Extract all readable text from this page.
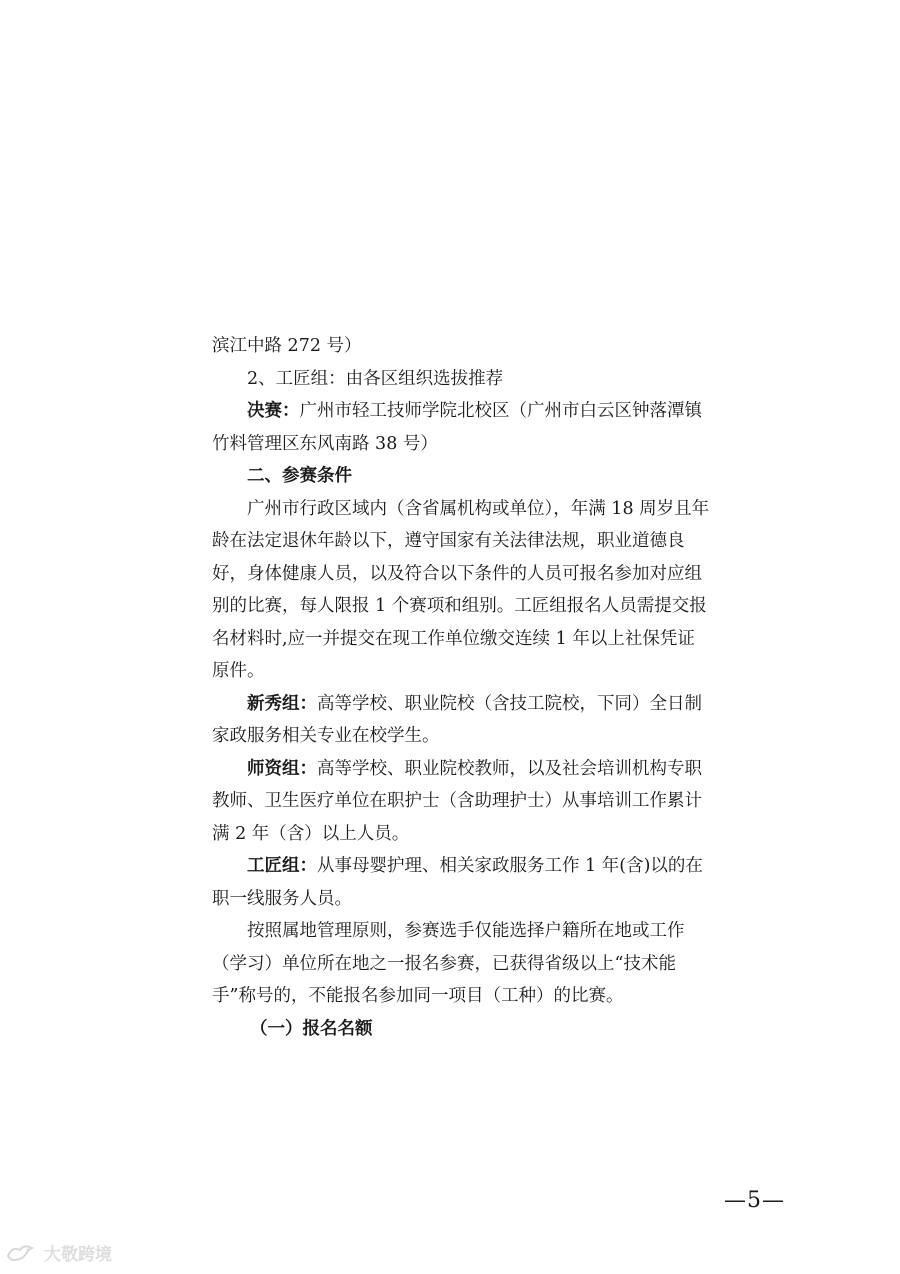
滨江中路 272 号）

2、工匠组：由各区组织选拔推荐

决赛：广州市轻工技师学院北校区（广州市白云区钟落潭镇竹料管理区东风南路 38 号）

二、参赛条件

广州市行政区域内（含省属机构或单位），年满 18 周岁且年龄在法定退休年龄以下，遵守国家有关法律法规，职业道德良 好，身体健康人员，以及符合以下条件的人员可报名参加对应组别的比赛，每人限报 1 个赛项和组别。工匠组报名人员需提交报名材料时,应一并提交在现工作单位缴交连续 1 年以上社保凭证原件。

新秀组：高等学校、职业院校（含技工院校，下同）全日制家政服务相关专业在校学生。

师资组：高等学校、职业院校教师，以及社会培训机构专职 教师、卫生医疗单位在职护士（含助理护士）从事培训工作累计满 2 年（含）以上人员。

工匠组：从事母婴护理、相关家政服务工作 1 年(含)以的在职一线服务人员。

按照属地管理原则，参赛选手仅能选择户籍所在地或工作（学习）单位所在地之一报名参赛，已获得省级以上“技术能手”称号的，不能报名参加同一项目（工种）的比赛。

（一）报名名额

—5—
大敬跨境
